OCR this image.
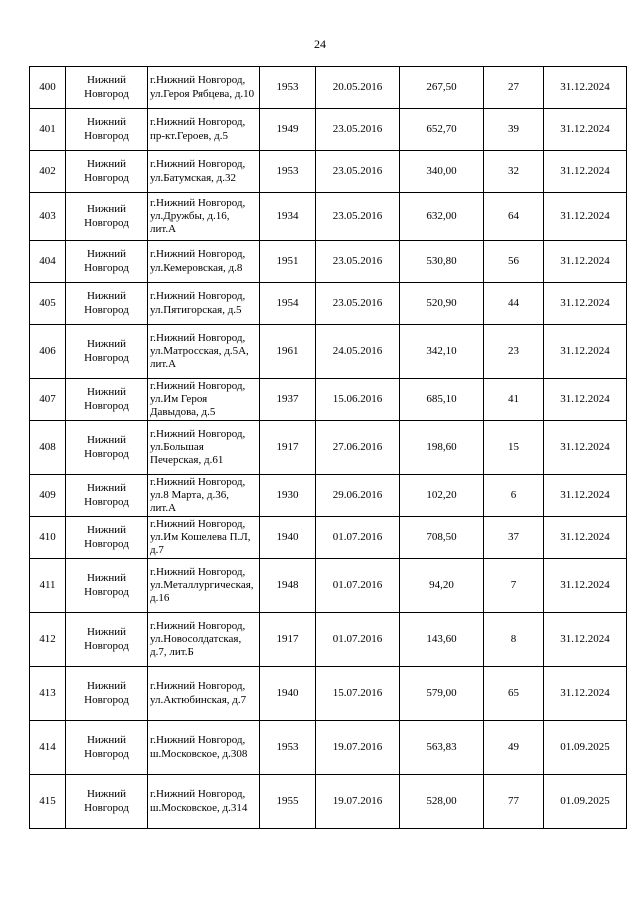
24
400	Нижний Новгород	г.Нижний Новгород, ул.Героя Рябцева, д.10	1953	20.05.2016	267,50	27	31.12.2024
401	Нижний Новгород	г.Нижний Новгород, пр-кт.Героев, д.5	1949	23.05.2016	652,70	39	31.12.2024
402	Нижний Новгород	г.Нижний Новгород, ул.Батумская, д.32	1953	23.05.2016	340,00	32	31.12.2024
403	Нижний Новгород	г.Нижний Новгород, ул.Дружбы, д.16, лит.А	1934	23.05.2016	632,00	64	31.12.2024
404	Нижний Новгород	г.Нижний Новгород, ул.Кемеровская, д.8	1951	23.05.2016	530,80	56	31.12.2024
405	Нижний Новгород	г.Нижний Новгород, ул.Пятигорская, д.5	1954	23.05.2016	520,90	44	31.12.2024
406	Нижний Новгород	г.Нижний Новгород, ул.Матросская, д.5А, лит.А	1961	24.05.2016	342,10	23	31.12.2024
407	Нижний Новгород	г.Нижний Новгород, ул.Им Героя Давыдова, д.5	1937	15.06.2016	685,10	41	31.12.2024
408	Нижний Новгород	г.Нижний Новгород, ул.Большая Печерская, д.61	1917	27.06.2016	198,60	15	31.12.2024
409	Нижний Новгород	г.Нижний Новгород, ул.8 Марта, д.36, лит.А	1930	29.06.2016	102,20	6	31.12.2024
410	Нижний Новгород	г.Нижний Новгород, ул.Им Кошелева П.Л, д.7	1940	01.07.2016	708,50	37	31.12.2024
411	Нижний Новгород	г.Нижний Новгород, ул.Металлургическая, д.16	1948	01.07.2016	94,20	7	31.12.2024
412	Нижний Новгород	г.Нижний Новгород, ул.Новосолдатская, д.7, лит.Б	1917	01.07.2016	143,60	8	31.12.2024
413	Нижний Новгород	г.Нижний Новгород, ул.Актюбинская, д.7	1940	15.07.2016	579,00	65	31.12.2024
414	Нижний Новгород	г.Нижний Новгород, ш.Московское, д.308	1953	19.07.2016	563,83	49	01.09.2025
415	Нижний Новгород	г.Нижний Новгород, ш.Московское, д.314	1955	19.07.2016	528,00	77	01.09.2025
